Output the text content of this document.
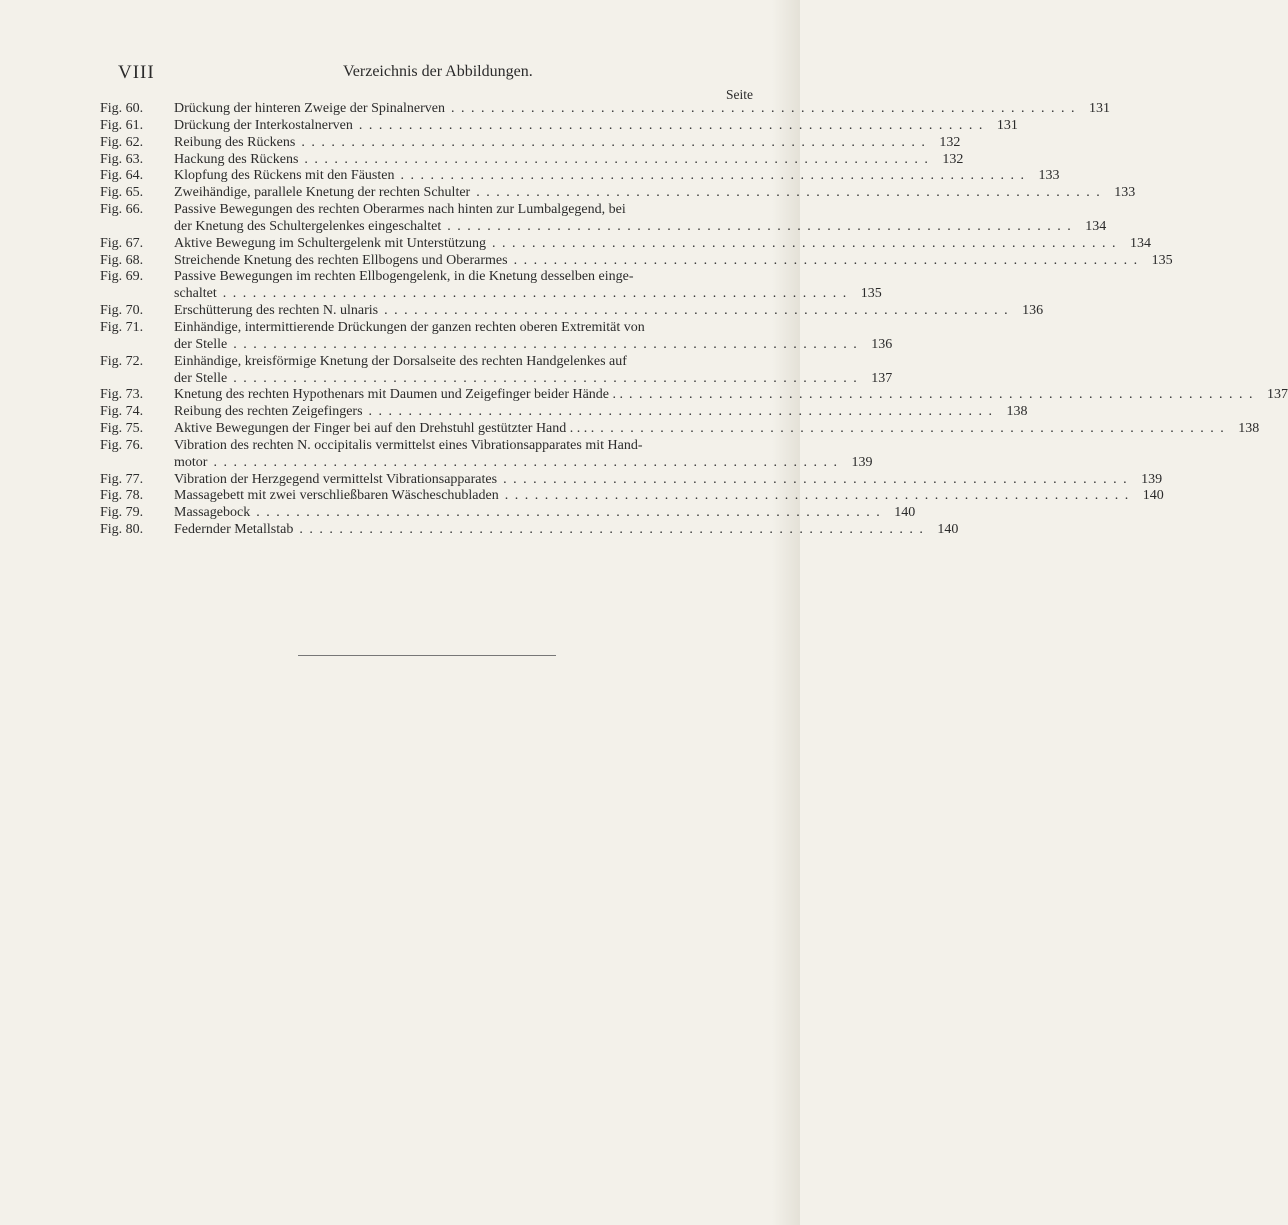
VIII	Verzeichnis der Abbildungen.
Seite
Fig. 60.	Drückung der hinteren Zweige der Spinalnerven . . .	131
Fig. 61.	Drückung der Interkostalnerven . . .	131
Fig. 62.	Reibung des Rückens . . .	132
Fig. 63.	Hackung des Rückens . . .	132
Fig. 64.	Klopfung des Rückens mit den Fäusten . . .	133
Fig. 65.	Zweihändige, parallele Knetung der rechten Schulter . . .	133
Fig. 66.	Passive Bewegungen des rechten Oberarmes nach hinten zur Lumbalgegend, bei
der Knetung des Schultergelenkes eingeschaltet . . .	134
Fig. 67.	Aktive Bewegung im Schultergelenk mit Unterstützung . . .	134
Fig. 68.	Streichende Knetung des rechten Ellbogens und Oberarmes . . .	135
Fig. 69.	Passive Bewegungen im rechten Ellbogengelenk, in die Knetung desselben einge-
schaltet . . .	135
Fig. 70.	Erschütterung des rechten N. ulnaris . . .	136
Fig. 71.	Einhändige, intermittierende Drückungen der ganzen rechten oberen Extremität von
der Stelle . . .	136
Fig. 72.	Einhändige, kreisförmige Knetung der Dorsalseite des rechten Handgelenkes auf
der Stelle . . .	137
Fig. 73.	Knetung des rechten Hypothenars mit Daumen und Zeigefinger beider Hände . . . . .	137
Fig. 74.	Reibung des rechten Zeigefingers . . .	138
Fig. 75.	Aktive Bewegungen der Finger bei auf den Drehstuhl gestützter Hand . . . . . . .	138
Fig. 76.	Vibration des rechten N. occipitalis vermittelst eines Vibrationsapparates mit Hand-
motor . . .	139
Fig. 77.	Vibration der Herzgegend vermittelst Vibrationsapparates . . .	139
Fig. 78.	Massagebett mit zwei verschließbaren Wäscheschubladen . . .	140
Fig. 79.	Massagebock . . .	140
Fig. 80.	Federnder Metallstab . . .	140
